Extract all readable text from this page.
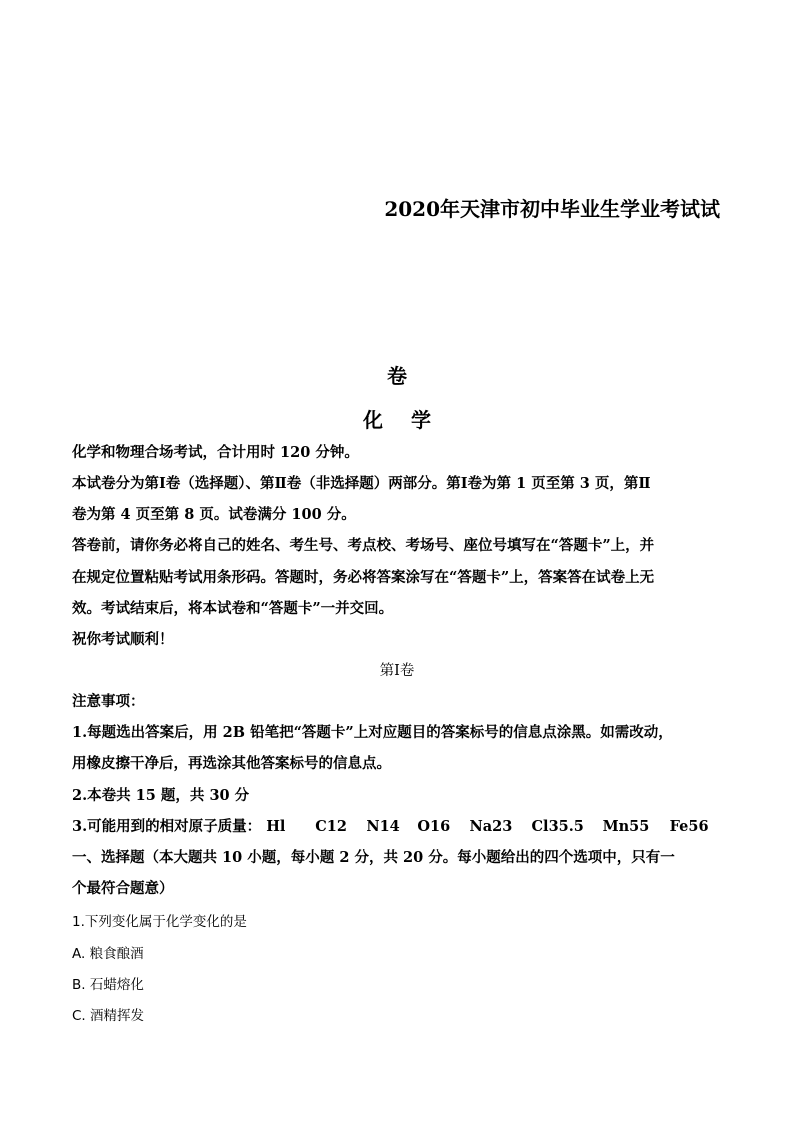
2020年天津市初中毕业生学业考试试
卷
化学
化学和物理合场考试，合计用时 120 分钟。
本试卷分为第Ⅰ卷（选择题）、第Ⅱ卷（非选择题）两部分。第Ⅰ卷为第 1 页至第 3 页，第Ⅱ
卷为第 4 页至第 8 页。试卷满分 100 分。
答卷前，请你务必将自己的姓名、考生号、考点校、考场号、座位号填写在“答题卡”上，并
在规定位置粘贴考试用条形码。答题时，务必将答案涂写在“答题卡”上，答案答在试卷上无
效。考试结束后，将本试卷和“答题卡”一并交回。
祝你考试顺利！
第Ⅰ卷
注意事项：
1.每题选出答案后，用 2B 铅笔把“答题卡”上对应题目的答案标号的信息点涂黑。如需改动，
用橡皮擦干净后，再选涂其他答案标号的信息点。
2.本卷共 15 题，共 30 分
3.可能用到的相对原子质量： Hl C12 N14 O16 Na23 Cl35.5 Mn55 Fe56
一、选择题（本大题共 10 小题，每小题 2 分，共 20 分。每小题给出的四个选项中，只有一
个最符合题意）
1.下列变化属于化学变化的是
A. 粮食酿酒
B. 石蜡熔化
C. 酒精挥发
